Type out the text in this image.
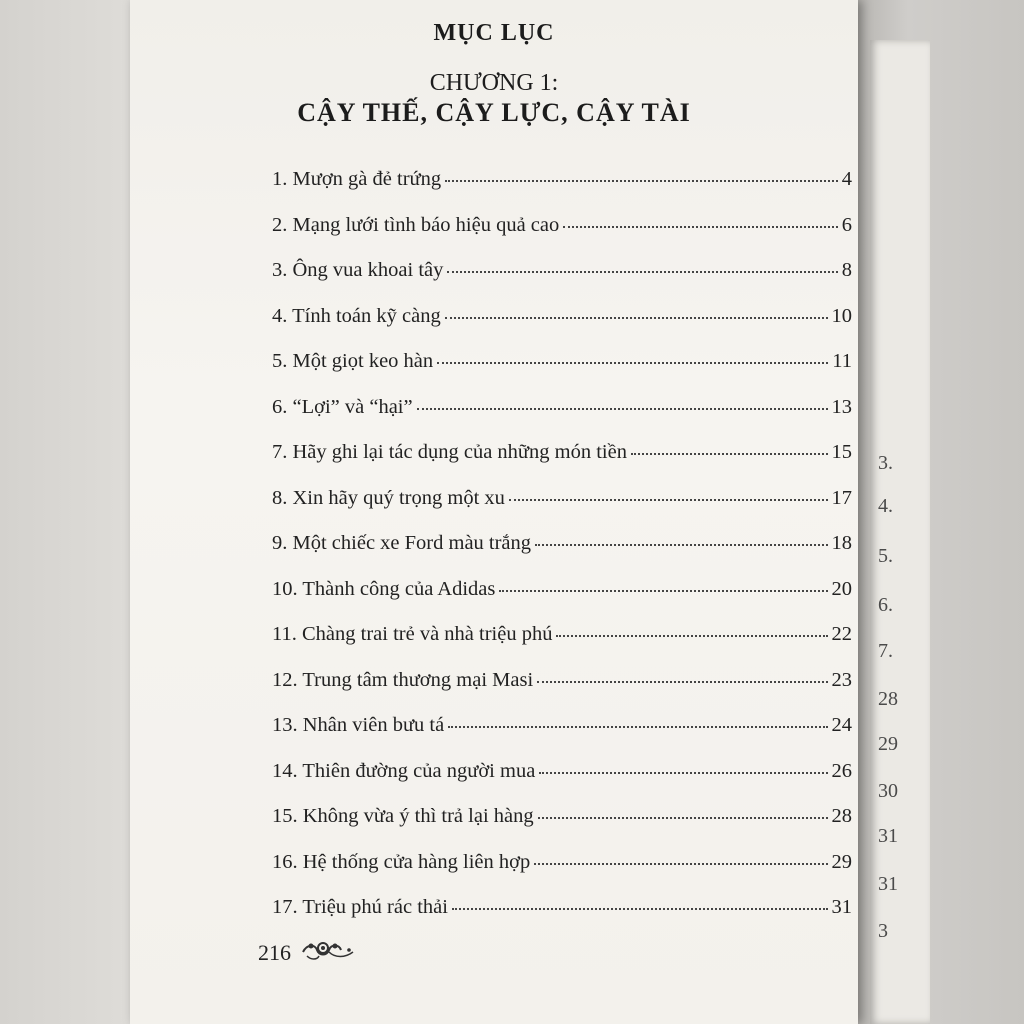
3.
4.
5.
6.
7.
28
29
30
31
31
3
MỤC LỤC
CHƯƠNG 1:
CẬY THẾ, CẬY LỰC, CẬY TÀI
1. Mượn gà đẻ trứng	4
2. Mạng lưới tình báo hiệu quả cao	6
3. Ông vua khoai tây	8
4. Tính toán kỹ càng	10
5. Một giọt keo hàn	11
6. “Lợi” và “hại”	13
7. Hãy ghi lại tác dụng của những món tiền	15
8. Xin hãy quý trọng một xu	17
9. Một chiếc xe Ford màu trắng	18
10. Thành công của Adidas	20
11. Chàng trai trẻ và nhà triệu phú	22
12. Trung tâm thương mại Masi	23
13. Nhân viên bưu tá	24
14. Thiên đường của người mua	26
15. Không vừa ý thì trả lại hàng	28
16. Hệ thống cửa hàng liên hợp	29
17. Triệu phú rác thải	31
216
